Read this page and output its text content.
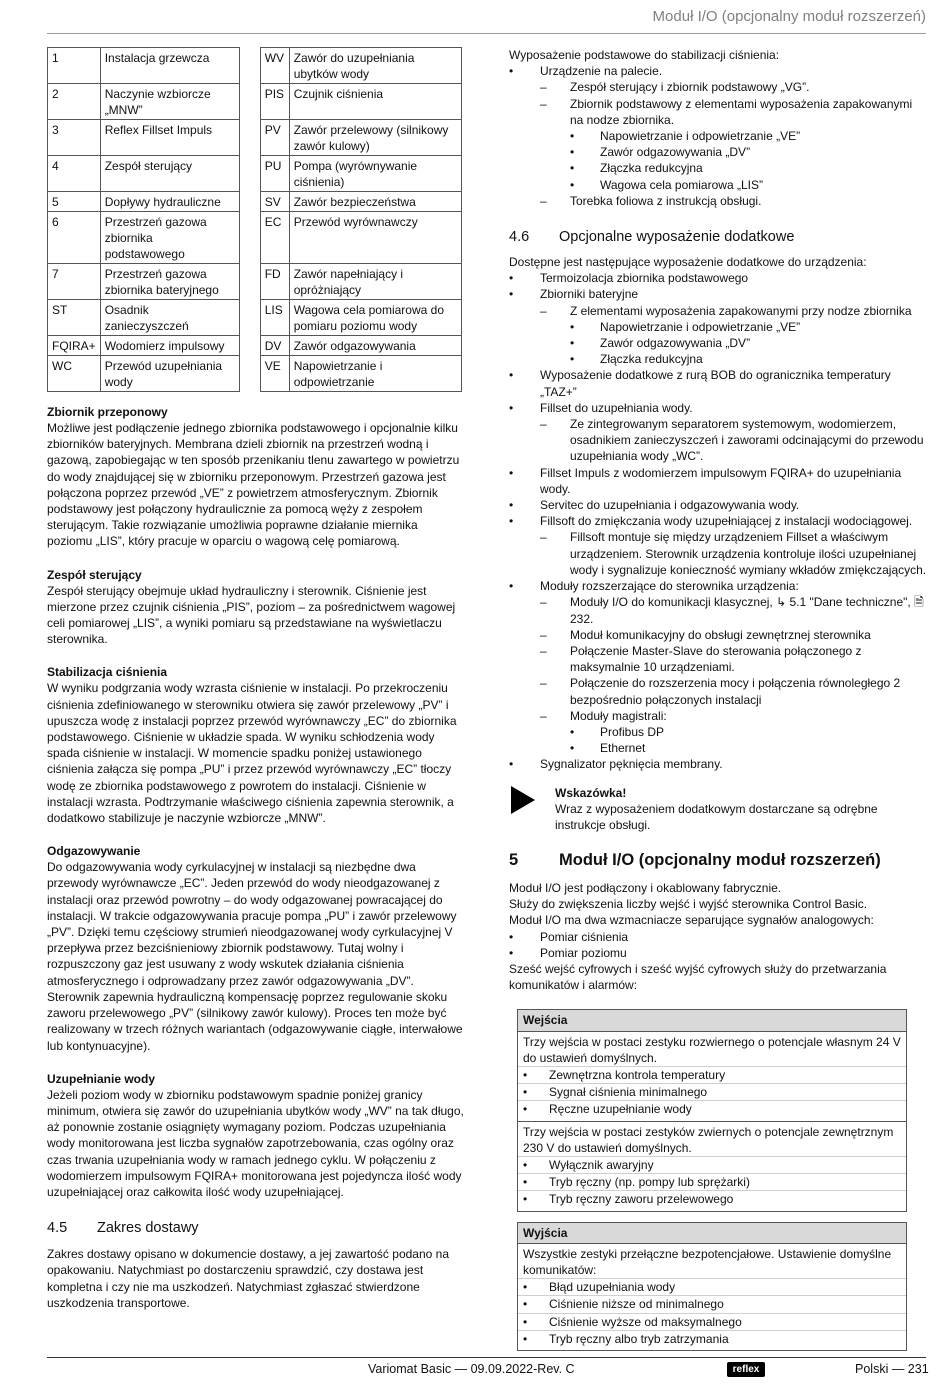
Moduł I/O (opcjonalny moduł rozszerzeń)
1	Instalacja grzewcza		WV	Zawór do uzupełniania ubytków wody
2	Naczynie wzbiorcze „MNW”		PIS	Czujnik ciśnienia
3	Reflex Fillset Impuls		PV	Zawór przelewowy (silnikowy zawór kulowy)
4	Zespół sterujący		PU	Pompa (wyrównywanie ciśnienia)
5	Dopływy hydrauliczne		SV	Zawór bezpieczeństwa
6	Przestrzeń gazowa zbiornika podstawowego		EC	Przewód wyrównawczy
7	Przestrzeń gazowa zbiornika bateryjnego		FD	Zawór napełniający i opróżniający
ST	Osadnik zanieczyszczeń		LIS	Wagowa cela pomiarowa do pomiaru poziomu wody
FQIRA+	Wodomierz impulsowy		DV	Zawór odgazowywania
WC	Przewód uzupełniania wody		VE	Napowietrzanie i odpowietrzanie

Zbiornik przeponowy

Możliwe jest podłączenie jednego zbiornika podstawowego i opcjonalnie kilku zbiorników bateryjnych. Membrana dzieli zbiornik na przestrzeń wodną i gazową, zapobiegając w ten sposób przenikaniu tlenu zawartego w powietrzu do wody znajdującej się w zbiorniku przeponowym. Przestrzeń gazowa jest połączona poprzez przewód „VE” z powietrzem atmosferycznym. Zbiornik podstawowy jest połączony hydraulicznie za pomocą węży z zespołem sterującym. Takie rozwiązanie umożliwia poprawne działanie miernika poziomu „LIS”, który pracuje w oparciu o wagową celę pomiarową.

Zespół sterujący

Zespół sterujący obejmuje układ hydrauliczny i sterownik. Ciśnienie jest mierzone przez czujnik ciśnienia „PIS”, poziom – za pośrednictwem wagowej celi pomiarowej „LIS”, a wyniki pomiaru są przedstawiane na wyświetlaczu sterownika.

Stabilizacja ciśnienia

W wyniku podgrzania wody wzrasta ciśnienie w instalacji. Po przekroczeniu ciśnienia zdefiniowanego w sterowniku otwiera się zawór przelewowy „PV” i upuszcza wodę z instalacji poprzez przewód wyrównawczy „EC” do zbiornika podstawowego. Ciśnienie w układzie spada. W wyniku schłodzenia wody spada ciśnienie w instalacji. W momencie spadku poniżej ustawionego ciśnienia załącza się pompa „PU” i przez przewód wyrównawczy „EC” tłoczy wodę ze zbiornika podstawowego z powrotem do instalacji. Ciśnienie w instalacji wzrasta. Podtrzymanie właściwego ciśnienia zapewnia sterownik, a dodatkowo stabilizuje je naczynie wzbiorcze „MNW”.

Odgazowywanie

Do odgazowywania wody cyrkulacyjnej w instalacji są niezbędne dwa przewody wyrównawcze „EC”. Jeden przewód do wody nieodgazowanej z instalacji oraz przewód powrotny – do wody odgazowanej powracającej do instalacji. W trakcie odgazowywania pracuje pompa „PU” i zawór przelewowy „PV”. Dzięki temu częściowy strumień nieodgazowanej wody cyrkulacyjnej V przepływa przez bezciśnieniowy zbiornik podstawowy. Tutaj wolny i rozpuszczony gaz jest usuwany z wody wskutek działania ciśnienia atmosferycznego i odprowadzany przez zawór odgazowywania „DV”. Sterownik zapewnia hydrauliczną kompensację poprzez regulowanie skoku zaworu przelewowego „PV” (silnikowy zawór kulowy). Proces ten może być realizowany w trzech różnych wariantach (odgazowywanie ciągłe, interwałowe lub kontynuacyjne).

Uzupełnianie wody

Jeżeli poziom wody w zbiorniku podstawowym spadnie poniżej granicy minimum, otwiera się zawór do uzupełniania ubytków wody „WV” na tak długo, aż ponownie zostanie osiągnięty wymagany poziom. Podczas uzupełniania wody monitorowana jest liczba sygnałów zapotrzebowania, czas ogólny oraz czas trwania uzupełniania wody w ramach jednego cyklu. W połączeniu z wodomierzem impulsowym FQIRA+ monitorowana jest pojedyncza ilość wody uzupełniającej oraz całkowita ilość wody uzupełniającej.

4.5 Zakres dostawy

Zakres dostawy opisano w dokumencie dostawy, a jej zawartość podano na opakowaniu. Natychmiast po dostarczeniu sprawdzić, czy dostawa jest kompletna i czy nie ma uszkodzeń. Natychmiast zgłaszać stwierdzone uszkodzenia transportowe.

Wyposażenie podstawowe do stabilizacji ciśnienia:

• Urządzenie na palecie.
– Zespół sterujący i zbiornik podstawowy „VG”.
– Zbiornik podstawowy z elementami wyposażenia zapakowanymi na nodze zbiornika.
• Napowietrzanie i odpowietrzanie „VE”
• Zawór odgazowywania „DV”
• Złączka redukcyjna
• Wagowa cela pomiarowa „LIS”
– Torebka foliowa z instrukcją obsługi.
4.6 Opcjonalne wyposażenie dodatkowe

Dostępne jest następujące wyposażenie dodatkowe do urządzenia:

• Termoizolacja zbiornika podstawowego
• Zbiorniki bateryjne
– Z elementami wyposażenia zapakowanymi przy nodze zbiornika
• Napowietrzanie i odpowietrzanie „VE”
• Zawór odgazowywania „DV”
• Złączka redukcyjna
• Wyposażenie dodatkowe z rurą BOB do ogranicznika temperatury „TAZ+”
• Fillset do uzupełniania wody.
– Ze zintegrowanym separatorem systemowym, wodomierzem, osadnikiem zanieczyszczeń i zaworami odcinającymi do przewodu uzupełniania wody „WC”.
• Fillset Impuls z wodomierzem impulsowym FQIRA+ do uzupełniania wody.
• Servitec do uzupełniania i odgazowywania wody.
• Fillsoft do zmiękczania wody uzupełniającej z instalacji wodociągowej.
– Fillsoft montuje się między urządzeniem Fillset a właściwym urządzeniem. Sterownik urządzenia kontroluje ilości uzupełnianej wody i sygnalizuje konieczność wymiany wkładów zmiękczających.
• Moduły rozszerzające do sterownika urządzenia:
– Moduły I/O do komunikacji klasycznej, ↳ 5.1 "Dane techniczne", 🗎 232.
– Moduł komunikacyjny do obsługi zewnętrznej sterownika
– Połączenie Master-Slave do sterowania połączonego z maksymalnie 10 urządzeniami.
– Połączenie do rozszerzenia mocy i połączenia równoległego 2 bezpośrednio połączonych instalacji
– Moduły magistrali:
• Profibus DP
• Ethernet
• Sygnalizator pęknięcia membrany.

Wskazówka!

Wraz z wyposażeniem dodatkowym dostarczane są odrębne instrukcje obsługi.

5 Moduł I/O (opcjonalny moduł rozszerzeń)

Moduł I/O jest podłączony i okablowany fabrycznie.

Służy do zwiększenia liczby wejść i wyjść sterownika Control Basic.

Moduł I/O ma dwa wzmacniacze separujące sygnałów analogowych:

• Pomiar ciśnienia
• Pomiar poziomu

Sześć wejść cyfrowych i sześć wyjść cyfrowych służy do przetwarzania komunikatów i alarmów:

Wejścia
Trzy wejścia w postaci zestyku rozwiernego o potencjale własnym 24 V do ustawień domyślnych.
• Zewnętrzna kontrola temperatury
• Sygnał ciśnienia minimalnego
• Ręczne uzupełnianie wody
Trzy wejścia w postaci zestyków zwiernych o potencjale zewnętrznym 230 V do ustawień domyślnych.
• Wyłącznik awaryjny
• Tryb ręczny (np. pompy lub sprężarki)
• Tryb ręczny zaworu przelewowego
Wyjścia
Wszystkie zestyki przełączne bezpotencjałowe. Ustawienie domyślne komunikatów:
• Błąd uzupełniania wody
• Ciśnienie niższe od minimalnego
• Ciśnienie wyższe od maksymalnego
• Tryb ręczny albo tryb zatrzymania
Variomat Basic — 09.09.2022-Rev. C	reflex	Polski — 231
